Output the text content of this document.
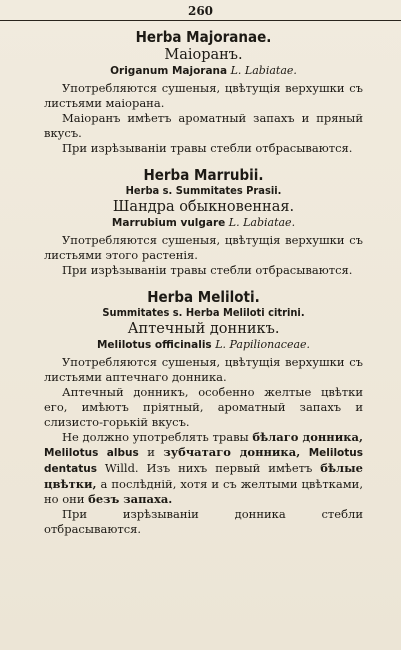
260
Herba Majoranae.
Маіоранъ.
Origanum Majorana L. Labiatae.

Употребляются сушеныя, цвѣтущія верхушки съ листьями маіорана.

Маіоранъ имѣетъ ароматный запахъ и пряный вкусъ.

При изрѣзываніи травы стебли отбрасываются.

Herba Marrubii.
Herba s. Summitates Prasii.
Шандра обыкновенная.
Marrubium vulgare L. Labiatae.

Употребляются сушеныя, цвѣтущія верхушки съ листьями этого растенія.

При изрѣзываніи травы стебли отбрасываются.

Herba Meliloti.
Summitates s. Herba Meliloti citrini.
Аптечный донникъ.
Melilotus officinalis L. Papilionaceae.

Употребляются сушеныя, цвѣтущія верхушки съ листьями аптечнаго донника.

Аптечный донникъ, особенно желтые цвѣтки его, имѣютъ пріятный, ароматный запахъ и слизисто-горькій вкусъ.

Не должно употреблять травы бѣлаго донника, Melilotus albus и зубчатаго донника, Melilotus dentatus Willd. Изъ нихъ первый имѣетъ бѣлые цвѣтки, а послѣдній, хотя и съ желтыми цвѣтками, но они безъ запаха.

При изрѣзываніи донника стебли отбрасываются.
